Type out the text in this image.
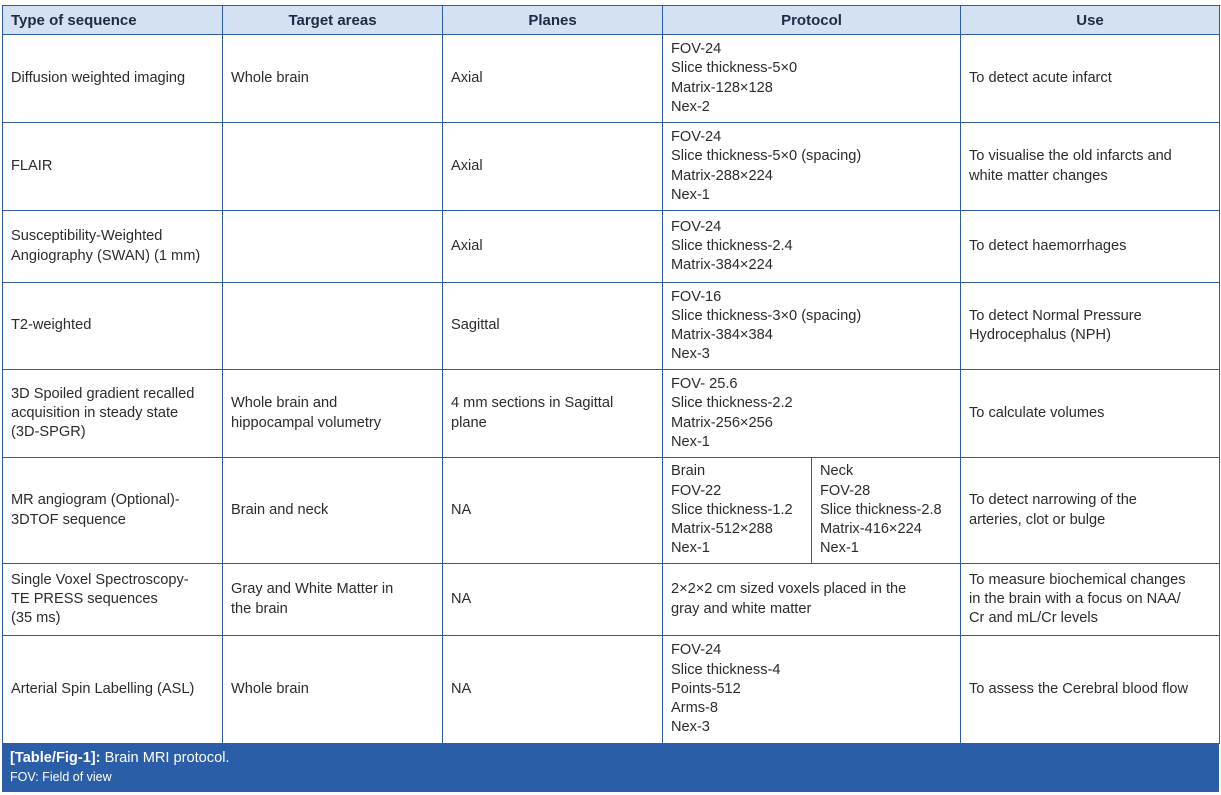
Type of sequence	Target areas	Planes	Protocol		Use

Diffusion weighted imaging	Whole brain	Axial	FOV-24
Slice thickness-5×0
Matrix-128×128
Nex-2		To detect acute infarct

FLAIR		Axial	FOV-24
Slice thickness-5×0 (spacing)
Matrix-288×224
Nex-1		To visualise the old infarcts and
white matter changes

Susceptibility-Weighted
Angiography (SWAN) (1 mm)		Axial	FOV-24
Slice thickness-2.4
Matrix-384×224		To detect haemorrhages

T2-weighted		Sagittal	FOV-16
Slice thickness-3×0 (spacing)
Matrix-384×384
Nex-3		To detect Normal Pressure
Hydrocephalus (NPH)

3D Spoiled gradient recalled
acquisition in steady state
(3D-SPGR)	Whole brain and
hippocampal volumetry	4 mm sections in Sagittal
plane	FOV- 25.6
Slice thickness-2.2
Matrix-256×256
Nex-1		To calculate volumes

MR angiogram (Optional)-
3DTOF sequence	Brain and neck	NA	Brain
FOV-22
Slice thickness-1.2
Matrix-512×288
Nex-1	Neck
FOV-28
Slice thickness-2.8
Matrix-416×224
Nex-1	To detect narrowing of the
arteries, clot or bulge

Single Voxel Spectroscopy-
TE PRESS sequences
(35 ms)	Gray and White Matter in
the brain	NA	2×2×2 cm sized voxels placed in the
gray and white matter		To measure biochemical changes
in the brain with a focus on NAA/
Cr and mL/Cr levels

Arterial Spin Labelling (ASL)	Whole brain	NA	FOV-24
Slice thickness-4
Points-512
Arms-8
Nex-3		To assess the Cerebral blood flow
[Table/Fig-1]: Brain MRI protocol.
FOV: Field of view
